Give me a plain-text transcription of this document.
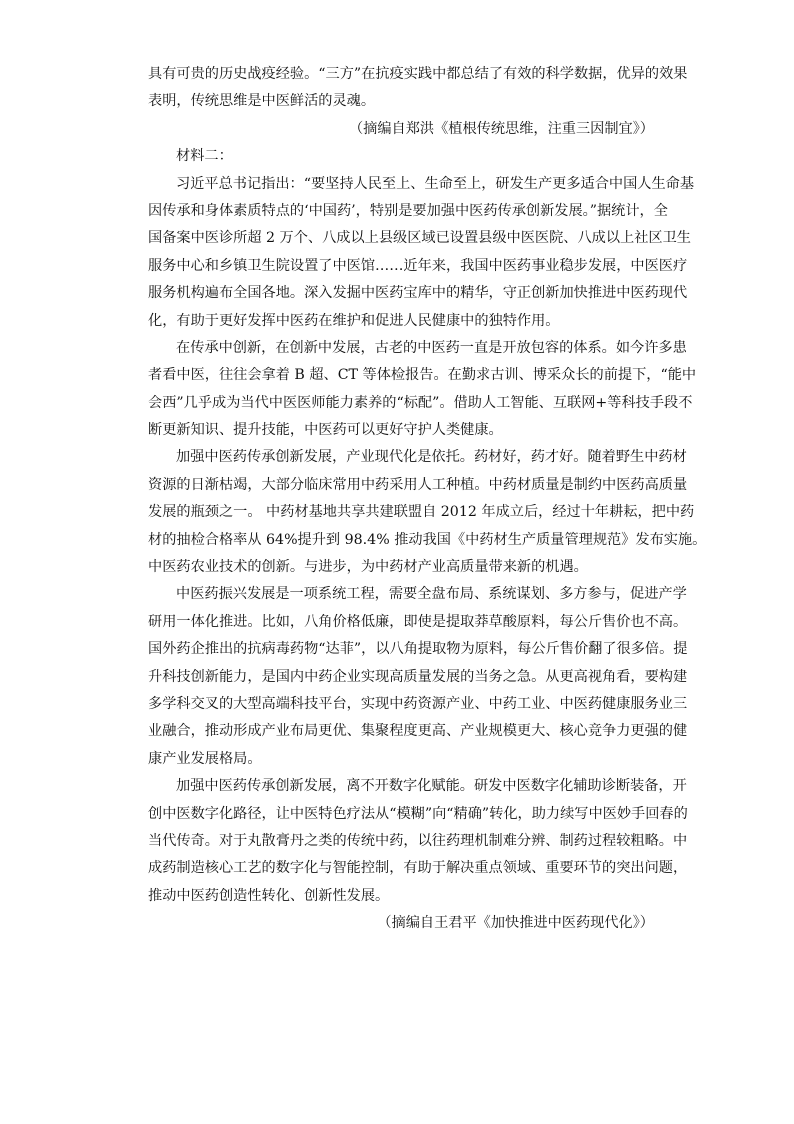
具有可贵的历史战疫经验。“三方”在抗疫实践中都总结了有效的科学数据，优异的效果
表明，传统思维是中医鲜活的灵魂。
（摘编自郑洪《植根传统思维，注重三因制宜》）
材料二：
习近平总书记指出：“要坚持人民至上、生命至上，研发生产更多适合中国人生命基
因传承和身体素质特点的‘中国药’，特别是要加强中医药传承创新发展。”据统计，全
国备案中医诊所超 2 万个、八成以上县级区域已设置县级中医医院、八成以上社区卫生
服务中心和乡镇卫生院设置了中医馆……近年来，我国中医药事业稳步发展，中医医疗
服务机构遍布全国各地。深入发掘中医药宝库中的精华，守正创新加快推进中医药现代
化，有助于更好发挥中医药在维护和促进人民健康中的独特作用。
在传承中创新，在创新中发展，古老的中医药一直是开放包容的体系。如今许多患
者看中医，往往会拿着 B 超、CT 等体检报告。在勤求古训、博采众长的前提下，“能中
会西”几乎成为当代中医医师能力素养的“标配”。借助人工智能、互联网+等科技手段不
断更新知识、提升技能，中医药可以更好守护人类健康。
加强中医药传承创新发展，产业现代化是依托。药材好，药才好。随着野生中药材
资源的日渐枯竭，大部分临床常用中药采用人工种植。中药材质量是制约中医药高质量
发展的瓶颈之一。 中药材基地共享共建联盟自 2012 年成立后，经过十年耕耘，把中药
材的抽检合格率从 64%提升到 98.4% 推动我国《中药材生产质量管理规范》发布实施。
中医药农业技术的创新。与进步，为中药材产业高质量带来新的机遇。
中医药振兴发展是一项系统工程，需要全盘布局、系统谋划、多方参与，促进产学
研用一体化推进。比如，八角价格低廉，即使是提取莽草酸原料，每公斤售价也不高。
国外药企推出的抗病毒药物“达菲”，以八角提取物为原料，每公斤售价翻了很多倍。提
升科技创新能力，是国内中药企业实现高质量发展的当务之急。从更高视角看，要构建
多学科交叉的大型高端科技平台，实现中药资源产业、中药工业、中医药健康服务业三
业融合，推动形成产业布局更优、集聚程度更高、产业规模更大、核心竞争力更强的健
康产业发展格局。
加强中医药传承创新发展，离不开数字化赋能。研发中医数字化辅助诊断装备，开
创中医数字化路径，让中医特色疗法从“模糊”向“精确”转化，助力续写中医妙手回春的
当代传奇。对于丸散膏丹之类的传统中药，以往药理机制难分辨、制药过程较粗略。中
成药制造核心工艺的数字化与智能控制，有助于解决重点领域、重要环节的突出问题，
推动中医药创造性转化、创新性发展。
（摘编自王君平《加快推进中医药现代化》）
